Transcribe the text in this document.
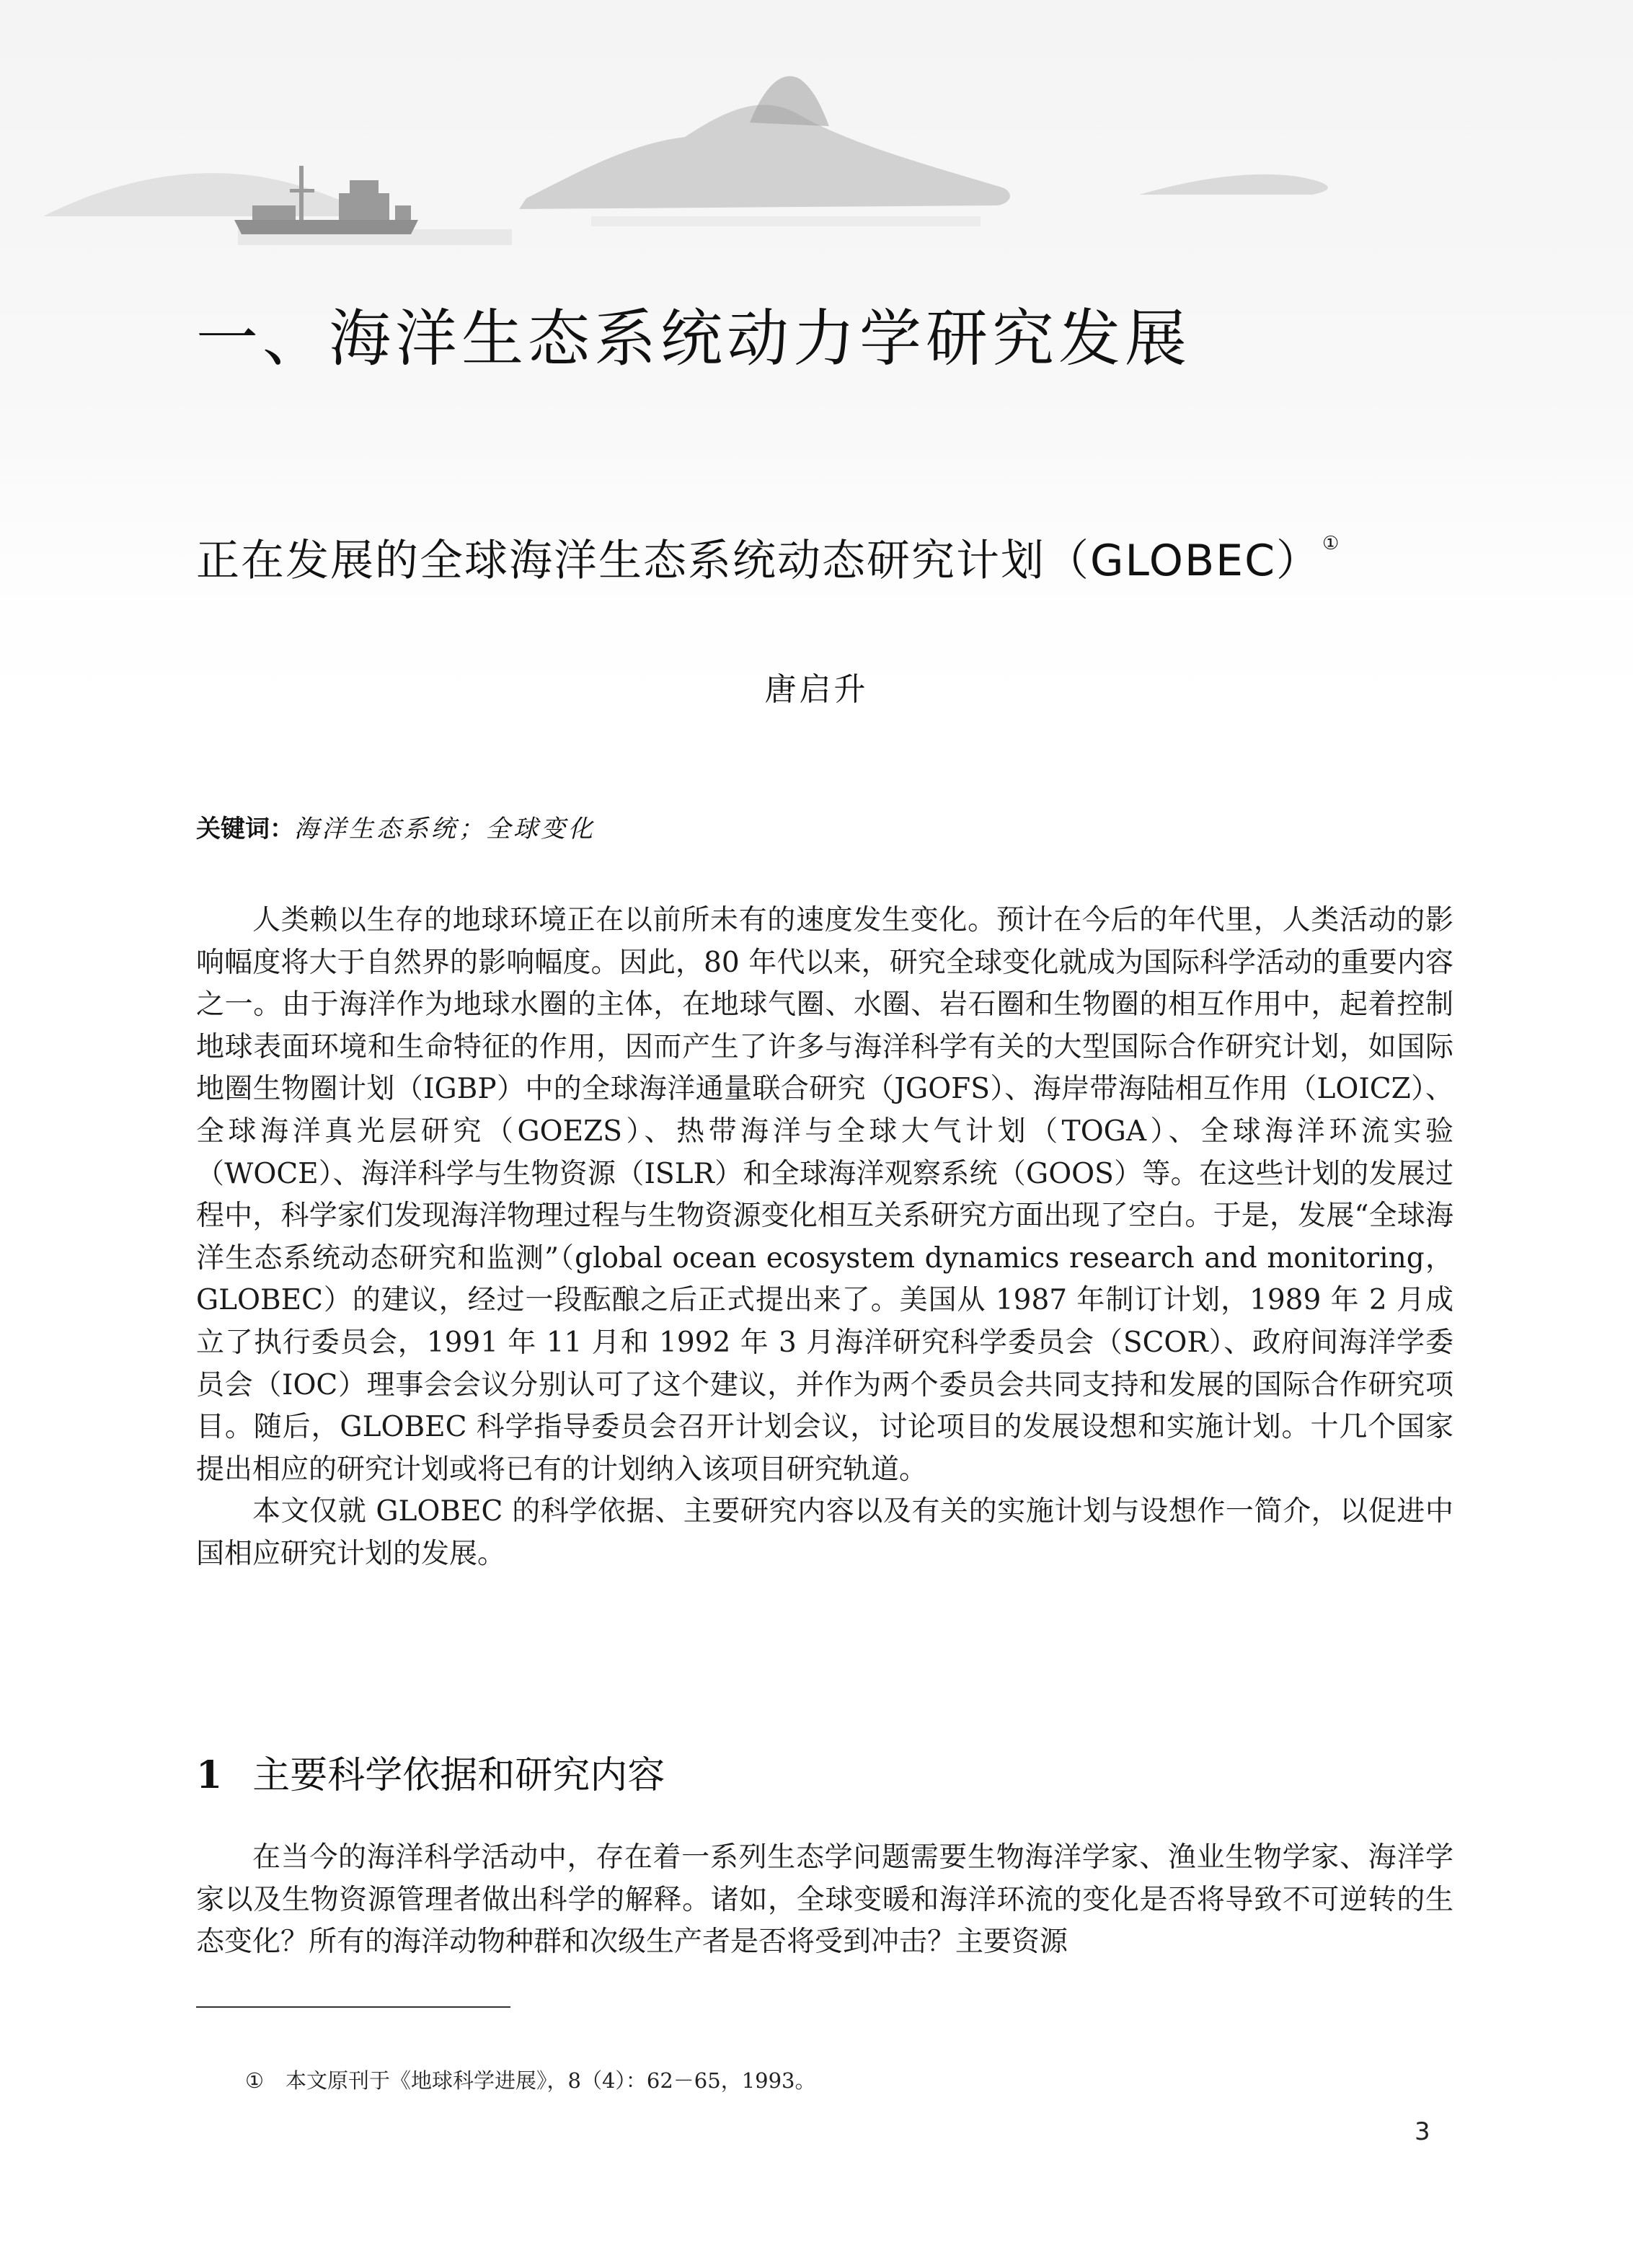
一、海洋生态系统动力学研究发展
正在发展的全球海洋生态系统动态研究计划（GLOBEC）①
唐启升
关键词：海洋生态系统；全球变化

人类赖以生存的地球环境正在以前所未有的速度发生变化。预计在今后的年代里，人类活动的影响幅度将大于自然界的影响幅度。因此，80 年代以来，研究全球变化就成为国际科学活动的重要内容之一。由于海洋作为地球水圈的主体，在地球气圈、水圈、岩石圈和生物圈的相互作用中，起着控制地球表面环境和生命特征的作用，因而产生了许多与海洋科学有关的大型国际合作研究计划，如国际地圈生物圈计划（IGBP）中的全球海洋通量联合研究（JGOFS）、海岸带海陆相互作用（LOICZ）、全球海洋真光层研究（GOEZS）、热带海洋与全球大气计划（TOGA）、全球海洋环流实验（WOCE）、海洋科学与生物资源（ISLR）和全球海洋观察系统（GOOS）等。在这些计划的发展过程中，科学家们发现海洋物理过程与生物资源变化相互关系研究方面出现了空白。于是，发展“全球海洋生态系统动态研究和监测”（global ocean ecosystem dynamics research and monitoring，GLOBEC）的建议，经过一段酝酿之后正式提出来了。美国从 1987 年制订计划，1989 年 2 月成立了执行委员会，1991 年 11 月和 1992 年 3 月海洋研究科学委员会（SCOR）、政府间海洋学委员会（IOC）理事会会议分别认可了这个建议，并作为两个委员会共同支持和发展的国际合作研究项目。随后，GLOBEC 科学指导委员会召开计划会议，讨论项目的发展设想和实施计划。十几个国家提出相应的研究计划或将已有的计划纳入该项目研究轨道。

本文仅就 GLOBEC 的科学依据、主要研究内容以及有关的实施计划与设想作一简介，以促进中国相应研究计划的发展。

1 主要科学依据和研究内容

在当今的海洋科学活动中，存在着一系列生态学问题需要生物海洋学家、渔业生物学家、海洋学家以及生物资源管理者做出科学的解释。诸如，全球变暖和海洋环流的变化是否将导致不可逆转的生态变化？所有的海洋动物种群和次级生产者是否将受到冲击？主要资源

① 本文原刊于《地球科学进展》，8（4）：62－65，1993。
3
